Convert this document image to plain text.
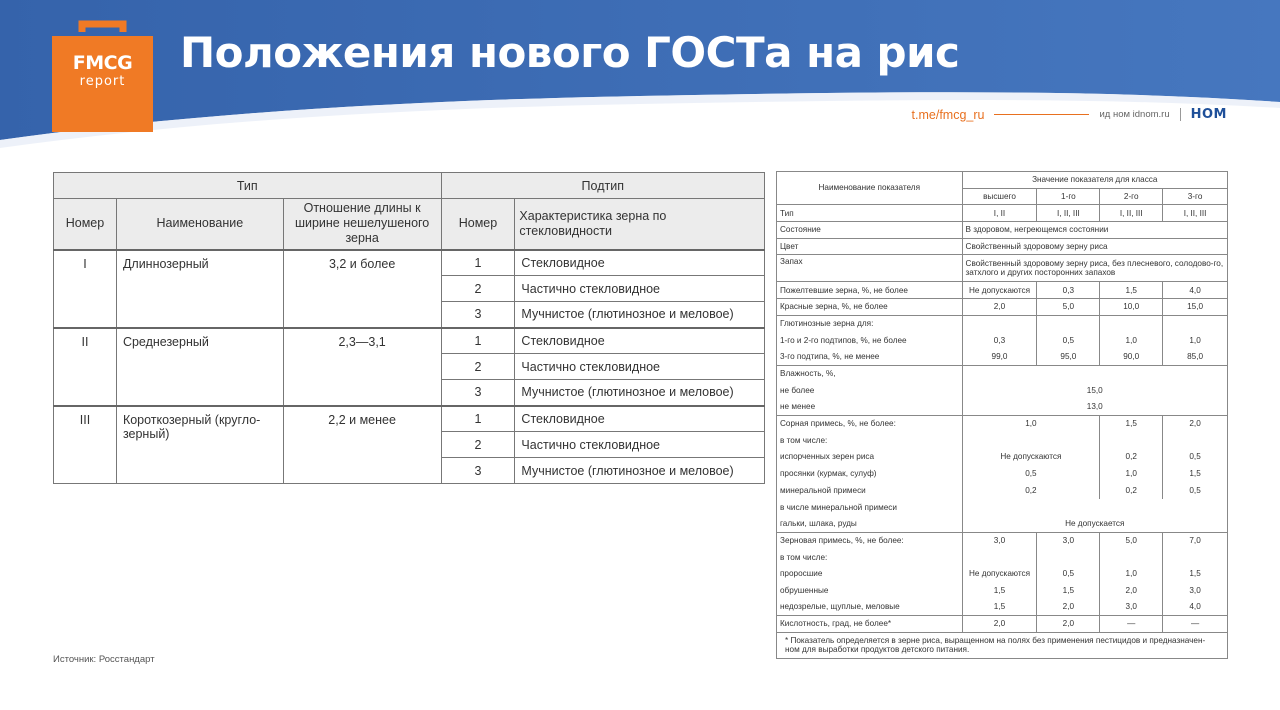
FMCG
report
Положения нового ГОСТа на рис
t.me/fmcg_ru	ид ном idnom.ru НОМ
Тип			Подтип	
Номер	Наименование	Отношение длины к ширине нешелушеного зерна	Номер	Характеристика зерна по стекловидности
I	Длиннозерный	3,2 и более	1	Стекловидное
			2	Частично стекловидное
			3	Мучнистое (глютинозное и меловое)
II	Среднезерный	2,3—3,1	1	Стекловидное
			2	Частично стекловидное
			3	Мучнистое (глютинозное и меловое)
III	Короткозерный (кругло-зерный)	2,2 и менее	1	Стекловидное
			2	Частично стекловидное
			3	Мучнистое (глютинозное и меловое)
Наименование показателя	Значение показателя для класса			
	высшего	1-го	2-го	3-го
Тип	I, II	I, II, III	I, II, III	I, II, III
Состояние	В здоровом, негреющемся состоянии			
Цвет	Свойственный здоровому зерну риса			
Запах	Свойственный здоровому зерну риса, без плесневого, солодово-го, затхлого и других посторонних запахов			
Пожелтевшие зерна, %, не более	Не допускаются	0,3	1,5	4,0
Красные зерна, %, не более	2,0	5,0	10,0	15,0
Глютинозные зерна для:				
1-го и 2-го подтипов, %, не более	0,3	0,5	1,0	1,0
3-го подтипа, %, не менее	99,0	95,0	90,0	85,0
Влажность, %,				
не более	15,0			
не менее	13,0			
Сорная примесь, %, не более:	1,0		1,5	2,0
в том числе:				
испорченных зерен риса	Не допускаются		0,2	0,5
просянки (курмак, сулуф)	0,5		1,0	1,5
минеральной примеси	0,2		0,2	0,5
в числе минеральной примеси				
гальки, шлака, руды	Не допускается			
Зерновая примесь, %, не более:	3,0	3,0	5,0	7,0
в том числе:				
проросшие	Не допускаются	0,5	1,0	1,5
обрушенные	1,5	1,5	2,0	3,0
недозрелые, щуплые, меловые	1,5	2,0	3,0	4,0
Кислотность, град, не более*	2,0	2,0	—	—
* Показатель определяется в зерне риса, выращенном на полях без применения пестицидов и предназначен-ном для выработки продуктов детского питания.				
Источник: Росстандарт
